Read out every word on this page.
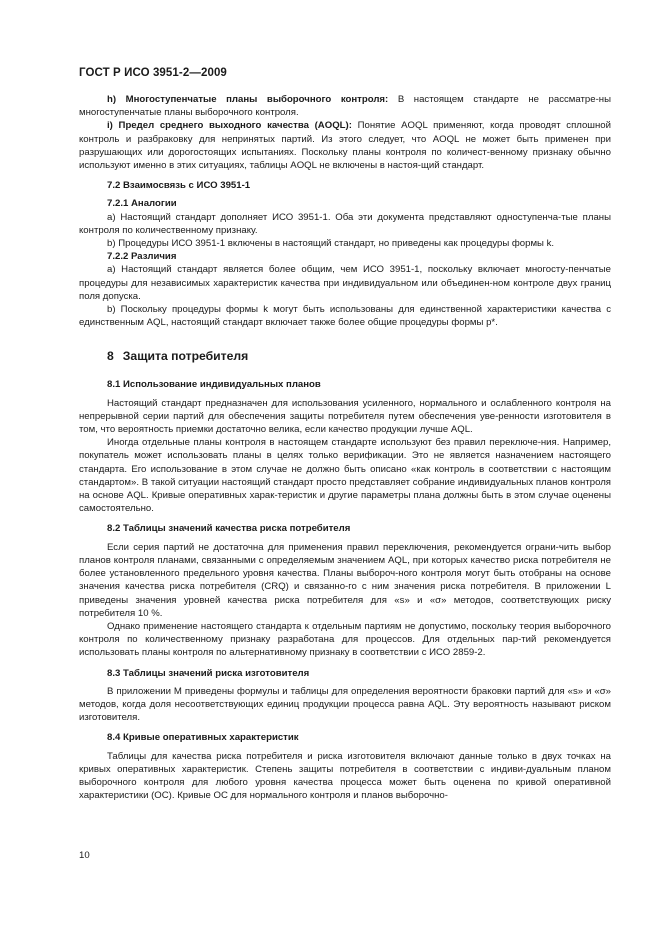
ГОСТ Р ИСО 3951-2—2009

h) Многоступенчатые планы выборочного контроля: В настоящем стандарте не рассматре-ны многоступенчатые планы выборочного контроля.

i) Предел среднего выходного качества (AOQL): Понятие AOQL применяют, когда проводят сплошной контроль и разбраковку для непринятых партий. Из этого следует, что AOQL не может быть применен при разрушающих или дорогостоящих испытаниях. Поскольку планы контроля по количест-венному признаку обычно используют именно в этих ситуациях, таблицы AOQL не включены в настоя-щий стандарт.

7.2 Взаимосвязь с ИСО 3951-1
7.2.1 Аналогии

a) Настоящий стандарт дополняет ИСО 3951-1. Оба эти документа представляют одноступенча-тые планы контроля по количественному признаку.

b) Процедуры ИСО 3951-1 включены в настоящий стандарт, но приведены как процедуры формы k.

7.2.2 Различия

a) Настоящий стандарт является более общим, чем ИСО 3951-1, поскольку включает многосту-пенчатые процедуры для независимых характеристик качества при индивидуальном или объединен-ном контроле двух границ поля допуска.

b) Поскольку процедуры формы k могут быть использованы для единственной характеристики качества с единственным AQL, настоящий стандарт включает также более общие процедуры формы p*.

8 Защита потребителя
8.1 Использование индивидуальных планов

Настоящий стандарт предназначен для использования усиленного, нормального и ослабленного контроля на непрерывной серии партий для обеспечения защиты потребителя путем обеспечения уве-ренности изготовителя в том, что вероятность приемки достаточно велика, если качество продукции лучше AQL.

Иногда отдельные планы контроля в настоящем стандарте используют без правил переключе-ния. Например, покупатель может использовать планы в целях только верификации. Это не является назначением настоящего стандарта. Его использование в этом случае не должно быть описано «как контроль в соответствии с настоящим стандартом». В такой ситуации настоящий стандарт просто представляет собрание индивидуальных планов контроля на основе AQL. Кривые оперативных харак-теристик и другие параметры плана должны быть в этом случае оценены самостоятельно.

8.2 Таблицы значений качества риска потребителя

Если серия партий не достаточна для применения правил переключения, рекомендуется ограни-чить выбор планов контроля планами, связанными с определяемым значением AQL, при которых качество риска потребителя не более установленного предельного уровня качества. Планы выбороч-ного контроля могут быть отобраны на основе значения качества риска потребителя (CRQ) и связанно-го с ним значения риска потребителя. В приложении L приведены значения уровней качества риска потребителя для «s» и «σ» методов, соответствующих риску потребителя 10 %.

Однако применение настоящего стандарта к отдельным партиям не допустимо, поскольку теория выборочного контроля по количественному признаку разработана для процессов. Для отдельных пар-тий рекомендуется использовать планы контроля по альтернативному признаку в соответствии с ИСО 2859-2.

8.3 Таблицы значений риска изготовителя

В приложении М приведены формулы и таблицы для определения вероятности браковки партий для «s» и «σ» методов, когда доля несоответствующих единиц продукции процесса равна AQL. Эту вероятность называют риском изготовителя.

8.4 Кривые оперативных характеристик

Таблицы для качества риска потребителя и риска изготовителя включают данные только в двух точках на кривых оперативных характеристик. Степень защиты потребителя в соответствии с индиви-дуальным планом выборочного контроля для любого уровня качества процесса может быть оценена по кривой оперативной характеристики (OC). Кривые OC для нормального контроля и планов выборочно-

10
